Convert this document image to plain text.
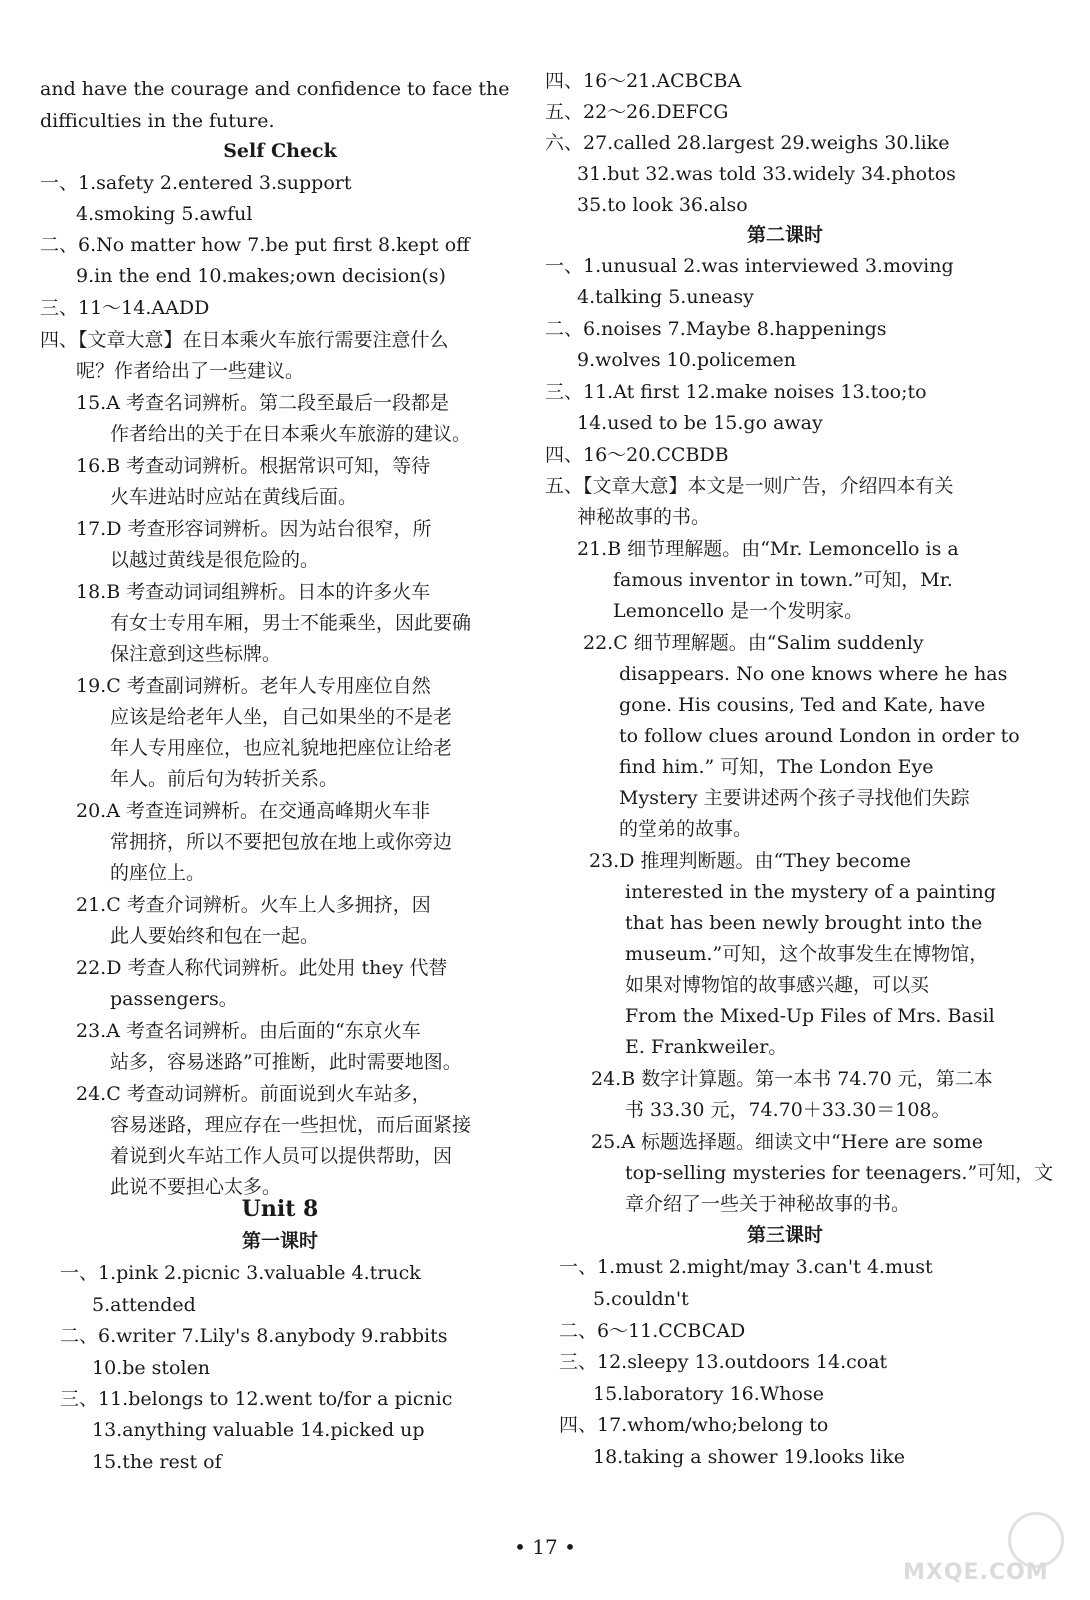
and have the courage and confidence to face the
difficulties in the future.
Self Check
一、1.safety 2.entered 3.support
4.smoking 5.awful
二、6.No matter how 7.be put first 8.kept off
9.in the end 10.makes;own decision(s)
三、11～14.AADD
四、【文章大意】在日本乘火车旅行需要注意什么
呢？作者给出了一些建议。
15.A 考查名词辨析。第二段至最后一段都是
作者给出的关于在日本乘火车旅游的建议。
16.B 考查动词辨析。根据常识可知，等待
火车进站时应站在黄线后面。
17.D 考查形容词辨析。因为站台很窄，所
以越过黄线是很危险的。
18.B 考查动词词组辨析。日本的许多火车
有女士专用车厢，男士不能乘坐，因此要确
保注意到这些标牌。
19.C 考查副词辨析。老年人专用座位自然
应该是给老年人坐，自己如果坐的不是老
年人专用座位，也应礼貌地把座位让给老
年人。前后句为转折关系。
20.A 考查连词辨析。在交通高峰期火车非
常拥挤，所以不要把包放在地上或你旁边
的座位上。
21.C 考查介词辨析。火车上人多拥挤，因
此人要始终和包在一起。
22.D 考查人称代词辨析。此处用 they 代替
passengers。
23.A 考查名词辨析。由后面的“东京火车
站多，容易迷路”可推断，此时需要地图。
24.C 考查动词辨析。前面说到火车站多，
容易迷路，理应存在一些担忧，而后面紧接
着说到火车站工作人员可以提供帮助，因
此说不要担心太多。
Unit 8
第一课时
一、1.pink 2.picnic 3.valuable 4.truck
5.attended
二、6.writer 7.Lily's 8.anybody 9.rabbits
10.be stolen
三、11.belongs to 12.went to/for a picnic
13.anything valuable 14.picked up
15.the rest of
四、16～21.ACBCBA
五、22～26.DEFCG
六、27.called 28.largest 29.weighs 30.like
31.but 32.was told 33.widely 34.photos
35.to look 36.also
第二课时
一、1.unusual 2.was interviewed 3.moving
4.talking 5.uneasy
二、6.noises 7.Maybe 8.happenings
9.wolves 10.policemen
三、11.At first 12.make noises 13.too;to
14.used to be 15.go away
四、16～20.CCBDB
五、【文章大意】本文是一则广告，介绍四本有关
神秘故事的书。
21.B 细节理解题。由“Mr. Lemoncello is a
famous inventor in town.”可知，Mr.
Lemoncello 是一个发明家。
22.C 细节理解题。由“Salim suddenly
disappears. No one knows where he has
gone. His cousins, Ted and Kate, have
to follow clues around London in order to
find him.” 可知，The London Eye
Mystery 主要讲述两个孩子寻找他们失踪
的堂弟的故事。
23.D 推理判断题。由“They become
interested in the mystery of a painting
that has been newly brought into the
museum.”可知，这个故事发生在博物馆，
如果对博物馆的故事感兴趣，可以买
From the Mixed-Up Files of Mrs. Basil
E. Frankweiler。
24.B 数字计算题。第一本书 74.70 元，第二本
书 33.30 元，74.70＋33.30＝108。
25.A 标题选择题。细读文中“Here are some
top-selling mysteries for teenagers.”可知，文
章介绍了一些关于神秘故事的书。
第三课时
一、1.must 2.might/may 3.can't 4.must
5.couldn't
二、6～11.CCBCAD
三、12.sleepy 13.outdoors 14.coat
15.laboratory 16.Whose
四、17.whom/who;belong to
18.taking a shower 19.looks like
• 17 •
MXQE.COM
